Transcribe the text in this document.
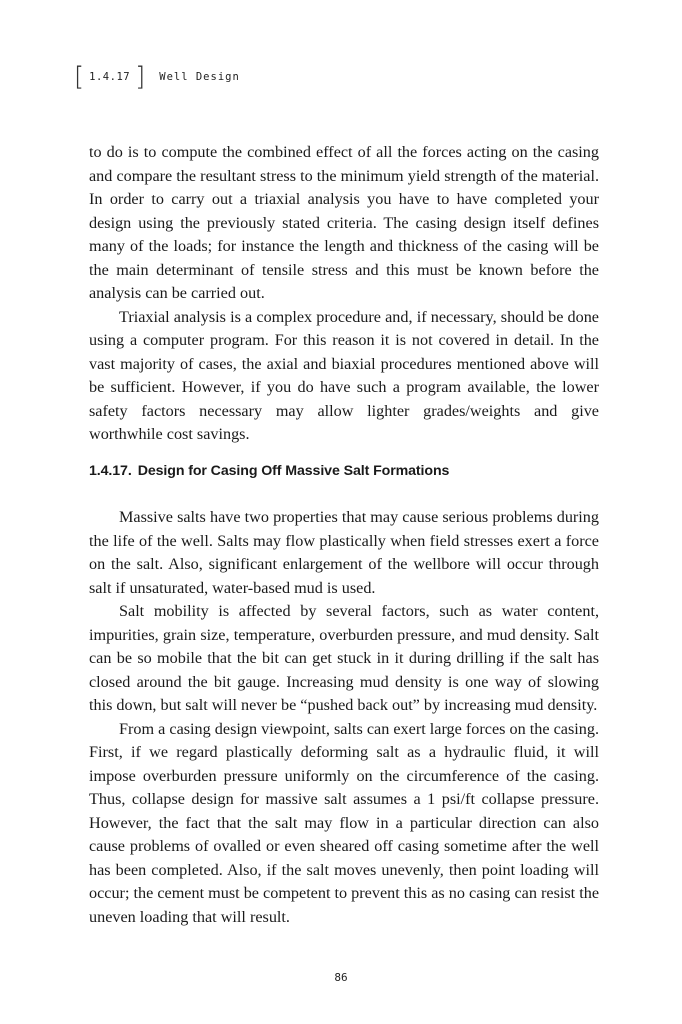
[ 1.4.17 ] Well Design

to do is to compute the combined effect of all the forces acting on the casing and compare the resultant stress to the minimum yield strength of the material. In order to carry out a triaxial analysis you have to have completed your design using the previously stated criteria. The casing design itself defines many of the loads; for instance the length and thickness of the casing will be the main determinant of tensile stress and this must be known before the analysis can be carried out.

Triaxial analysis is a complex procedure and, if necessary, should be done using a computer program. For this reason it is not covered in detail. In the vast majority of cases, the axial and biaxial procedures mentioned above will be sufficient. However, if you do have such a program available, the lower safety factors necessary may allow lighter grades/weights and give worthwhile cost savings.

1.4.17. Design for Casing Off Massive Salt Formations

Massive salts have two properties that may cause serious problems during the life of the well. Salts may flow plastically when field stresses exert a force on the salt. Also, significant enlargement of the wellbore will occur through salt if unsaturated, water-based mud is used.

Salt mobility is affected by several factors, such as water content, impurities, grain size, temperature, overburden pressure, and mud density. Salt can be so mobile that the bit can get stuck in it during drilling if the salt has closed around the bit gauge. Increasing mud density is one way of slowing this down, but salt will never be “pushed back out” by increasing mud density.

From a casing design viewpoint, salts can exert large forces on the casing. First, if we regard plastically deforming salt as a hydraulic fluid, it will impose overburden pressure uniformly on the circumference of the casing. Thus, collapse design for massive salt assumes a 1 psi/ft collapse pressure. However, the fact that the salt may flow in a particular direction can also cause problems of ovalled or even sheared off casing sometime after the well has been completed. Also, if the salt moves unevenly, then point loading will occur; the cement must be competent to prevent this as no casing can resist the uneven loading that will result.

86
